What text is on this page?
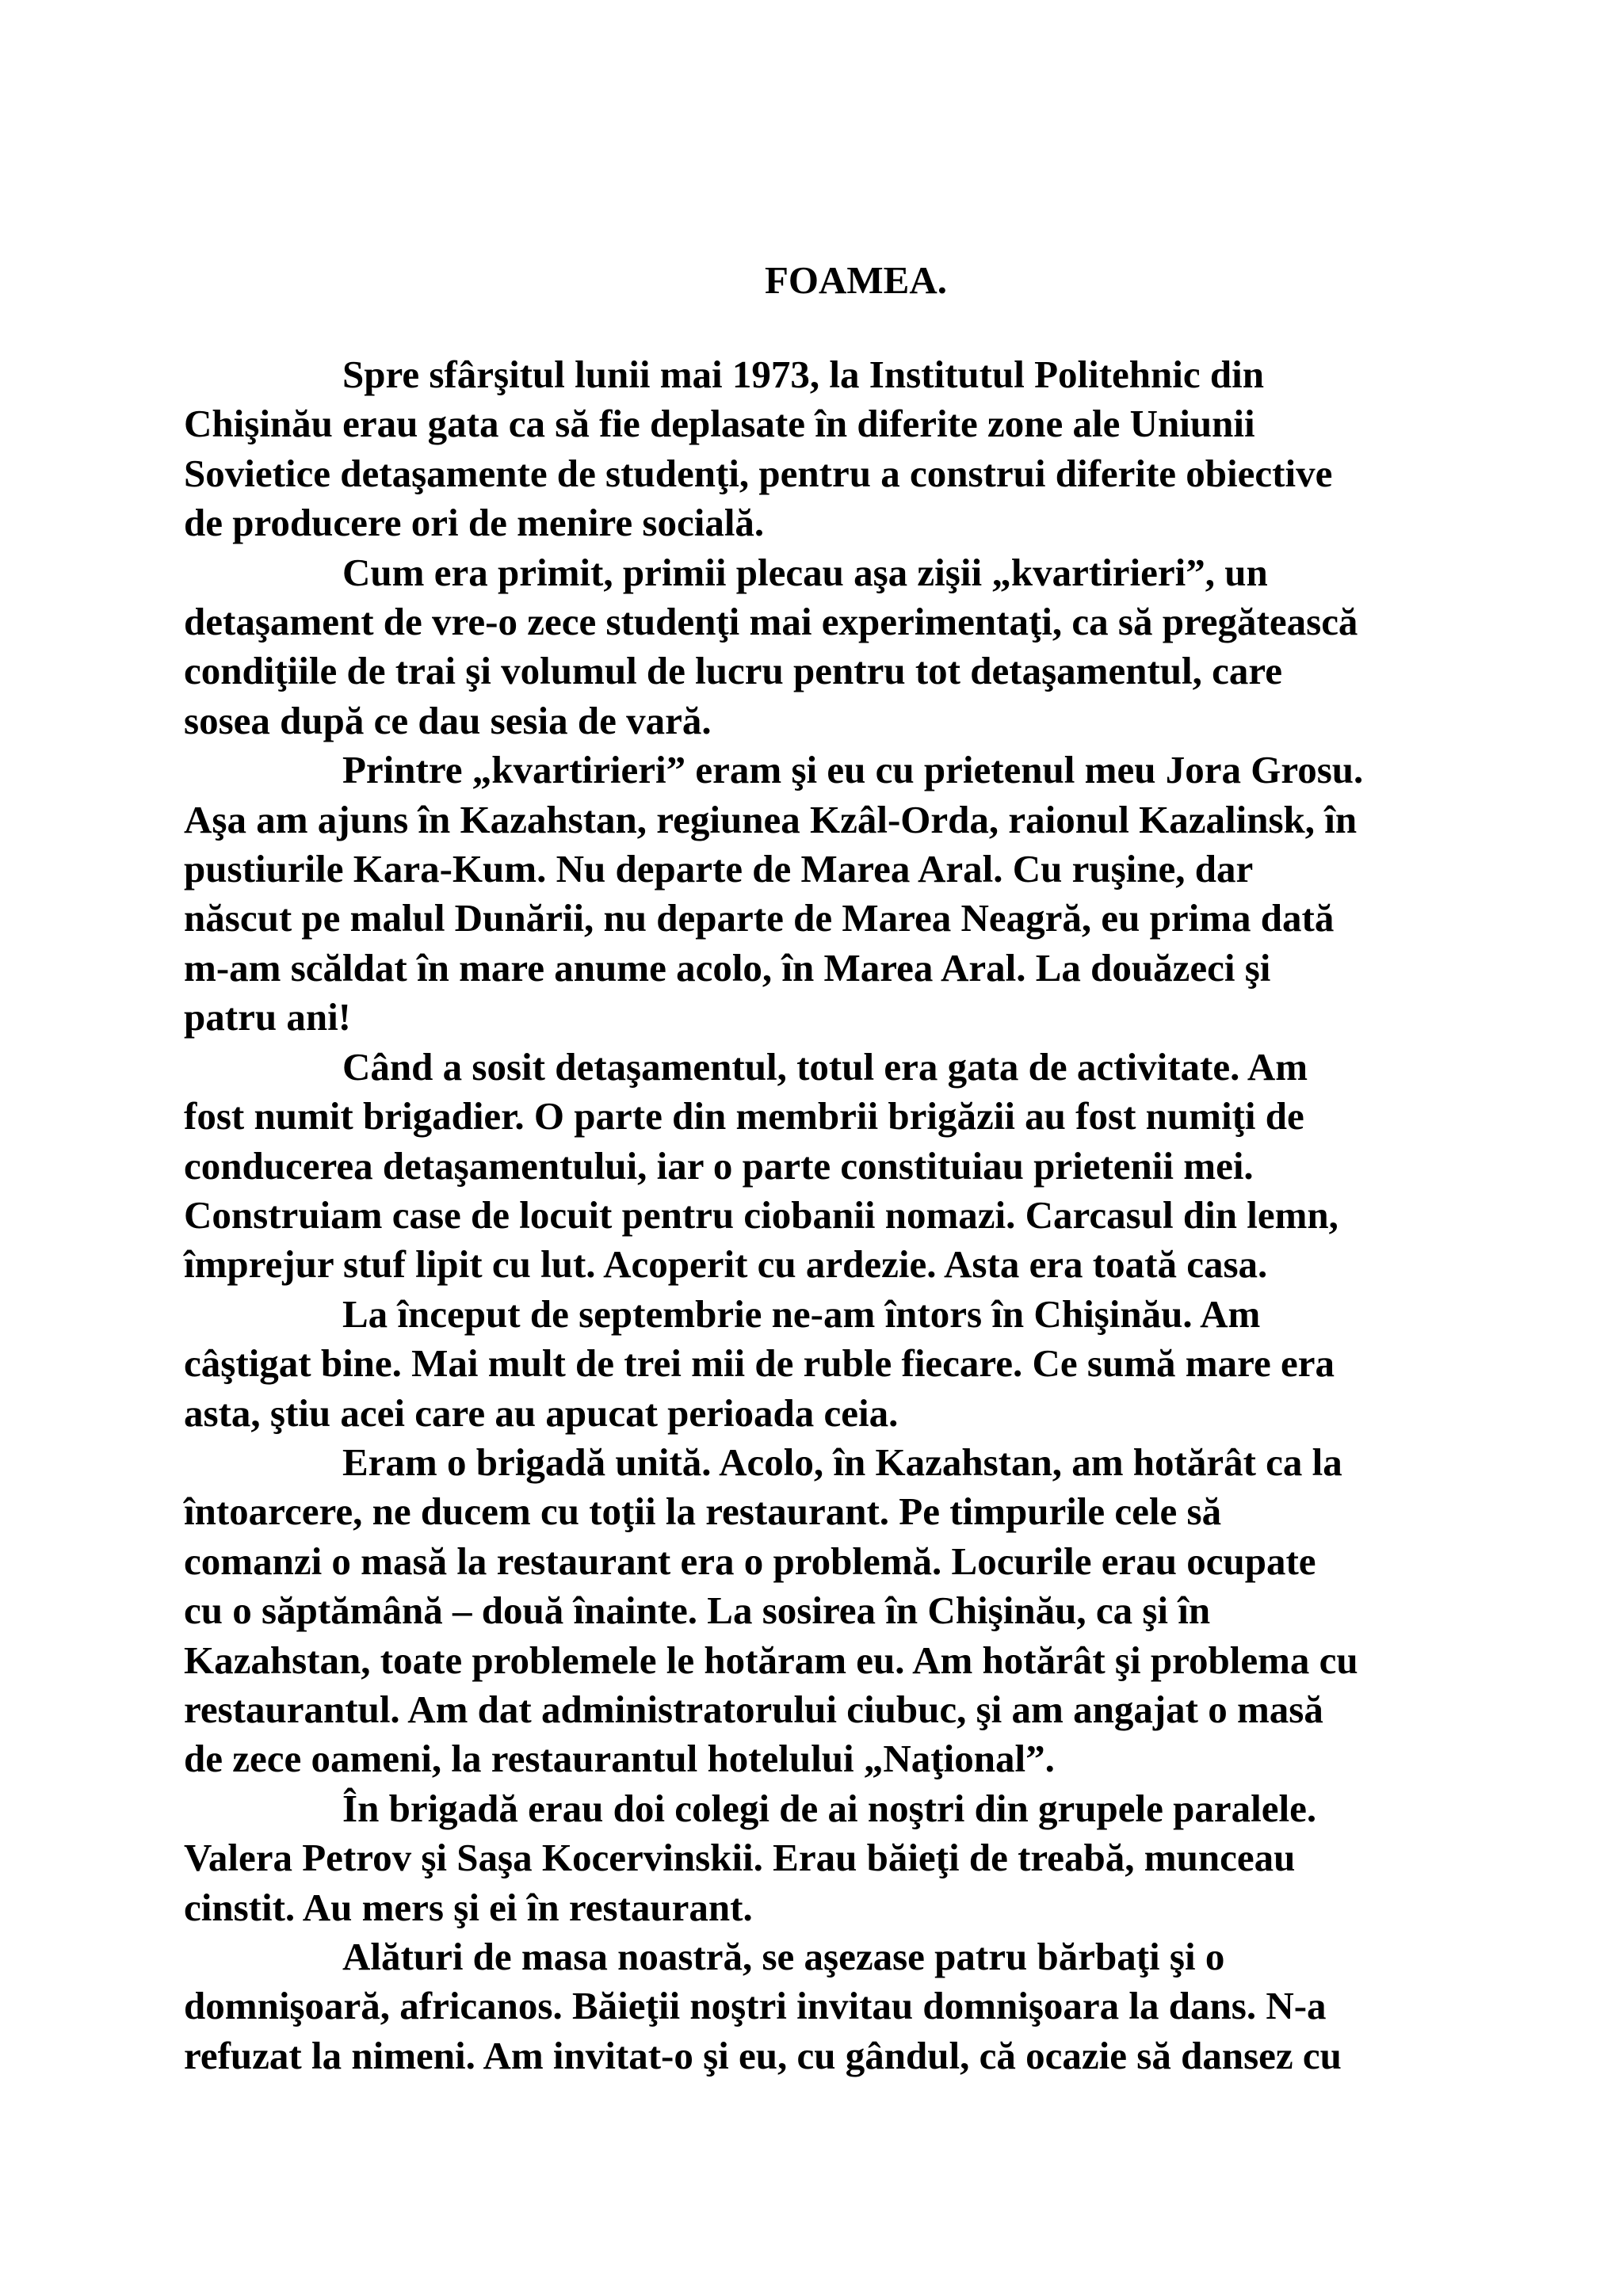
FOAMEA.

Spre sfârşitul lunii mai 1973, la Institutul Politehnic din
Chişinău erau gata ca să fie deplasate în diferite zone ale Uniunii
Sovietice detaşamente de studenţi, pentru a construi diferite obiective
de producere ori de menire socială.

Cum era primit, primii plecau aşa zişii „kvartirieri”, un
detaşament de vre-o zece studenţi mai experimentaţi, ca să pregătească
condiţiile de trai şi volumul de lucru pentru tot detaşamentul, care
sosea după ce dau sesia de vară.

Printre „kvartirieri” eram şi eu cu prietenul meu Jora Grosu.
Aşa am ajuns în Kazahstan, regiunea Kzâl-Orda, raionul Kazalinsk, în
pustiurile Kara-Kum. Nu departe de Marea Aral. Cu ruşine, dar
născut pe malul Dunării, nu departe de Marea Neagră, eu prima dată
m-am scăldat în mare anume acolo, în Marea Aral. La douăzeci şi
patru ani!

Când a sosit detaşamentul, totul era gata de activitate. Am
fost numit brigadier. O parte din membrii brigăzii au fost numiţi de
conducerea detaşamentului, iar o parte constituiau prietenii mei.
Construiam case de locuit pentru ciobanii nomazi. Carcasul din lemn,
împrejur stuf lipit cu lut. Acoperit cu ardezie. Asta era toată casa.

La început de septembrie ne-am întors în Chişinău. Am
câştigat bine. Mai mult de trei mii de ruble fiecare. Ce sumă mare era
asta, ştiu acei care au apucat perioada ceia.

Eram o brigadă unită. Acolo, în Kazahstan, am hotărât ca la
întoarcere, ne ducem cu toţii la restaurant. Pe timpurile cele să
comanzi o masă la restaurant era o problemă. Locurile erau ocupate
cu o săptămână – două înainte. La sosirea în Chişinău, ca şi în
Kazahstan, toate problemele le hotăram eu. Am hotărât şi problema cu
restaurantul. Am dat administratorului ciubuc, şi am angajat o masă
de zece oameni, la restaurantul hotelului „Naţional”.

În brigadă erau doi colegi de ai noştri din grupele paralele.
Valera Petrov şi Saşa Kocervinskii. Erau băieţi de treabă, munceau
cinstit. Au mers şi ei în restaurant.

Alături de masa noastră, se aşezase patru bărbaţi şi o
domnişoară, africanos. Băieţii noştri invitau domnişoara la dans. N-a
refuzat la nimeni. Am invitat-o şi eu, cu gândul, că ocazie să dansez cu
